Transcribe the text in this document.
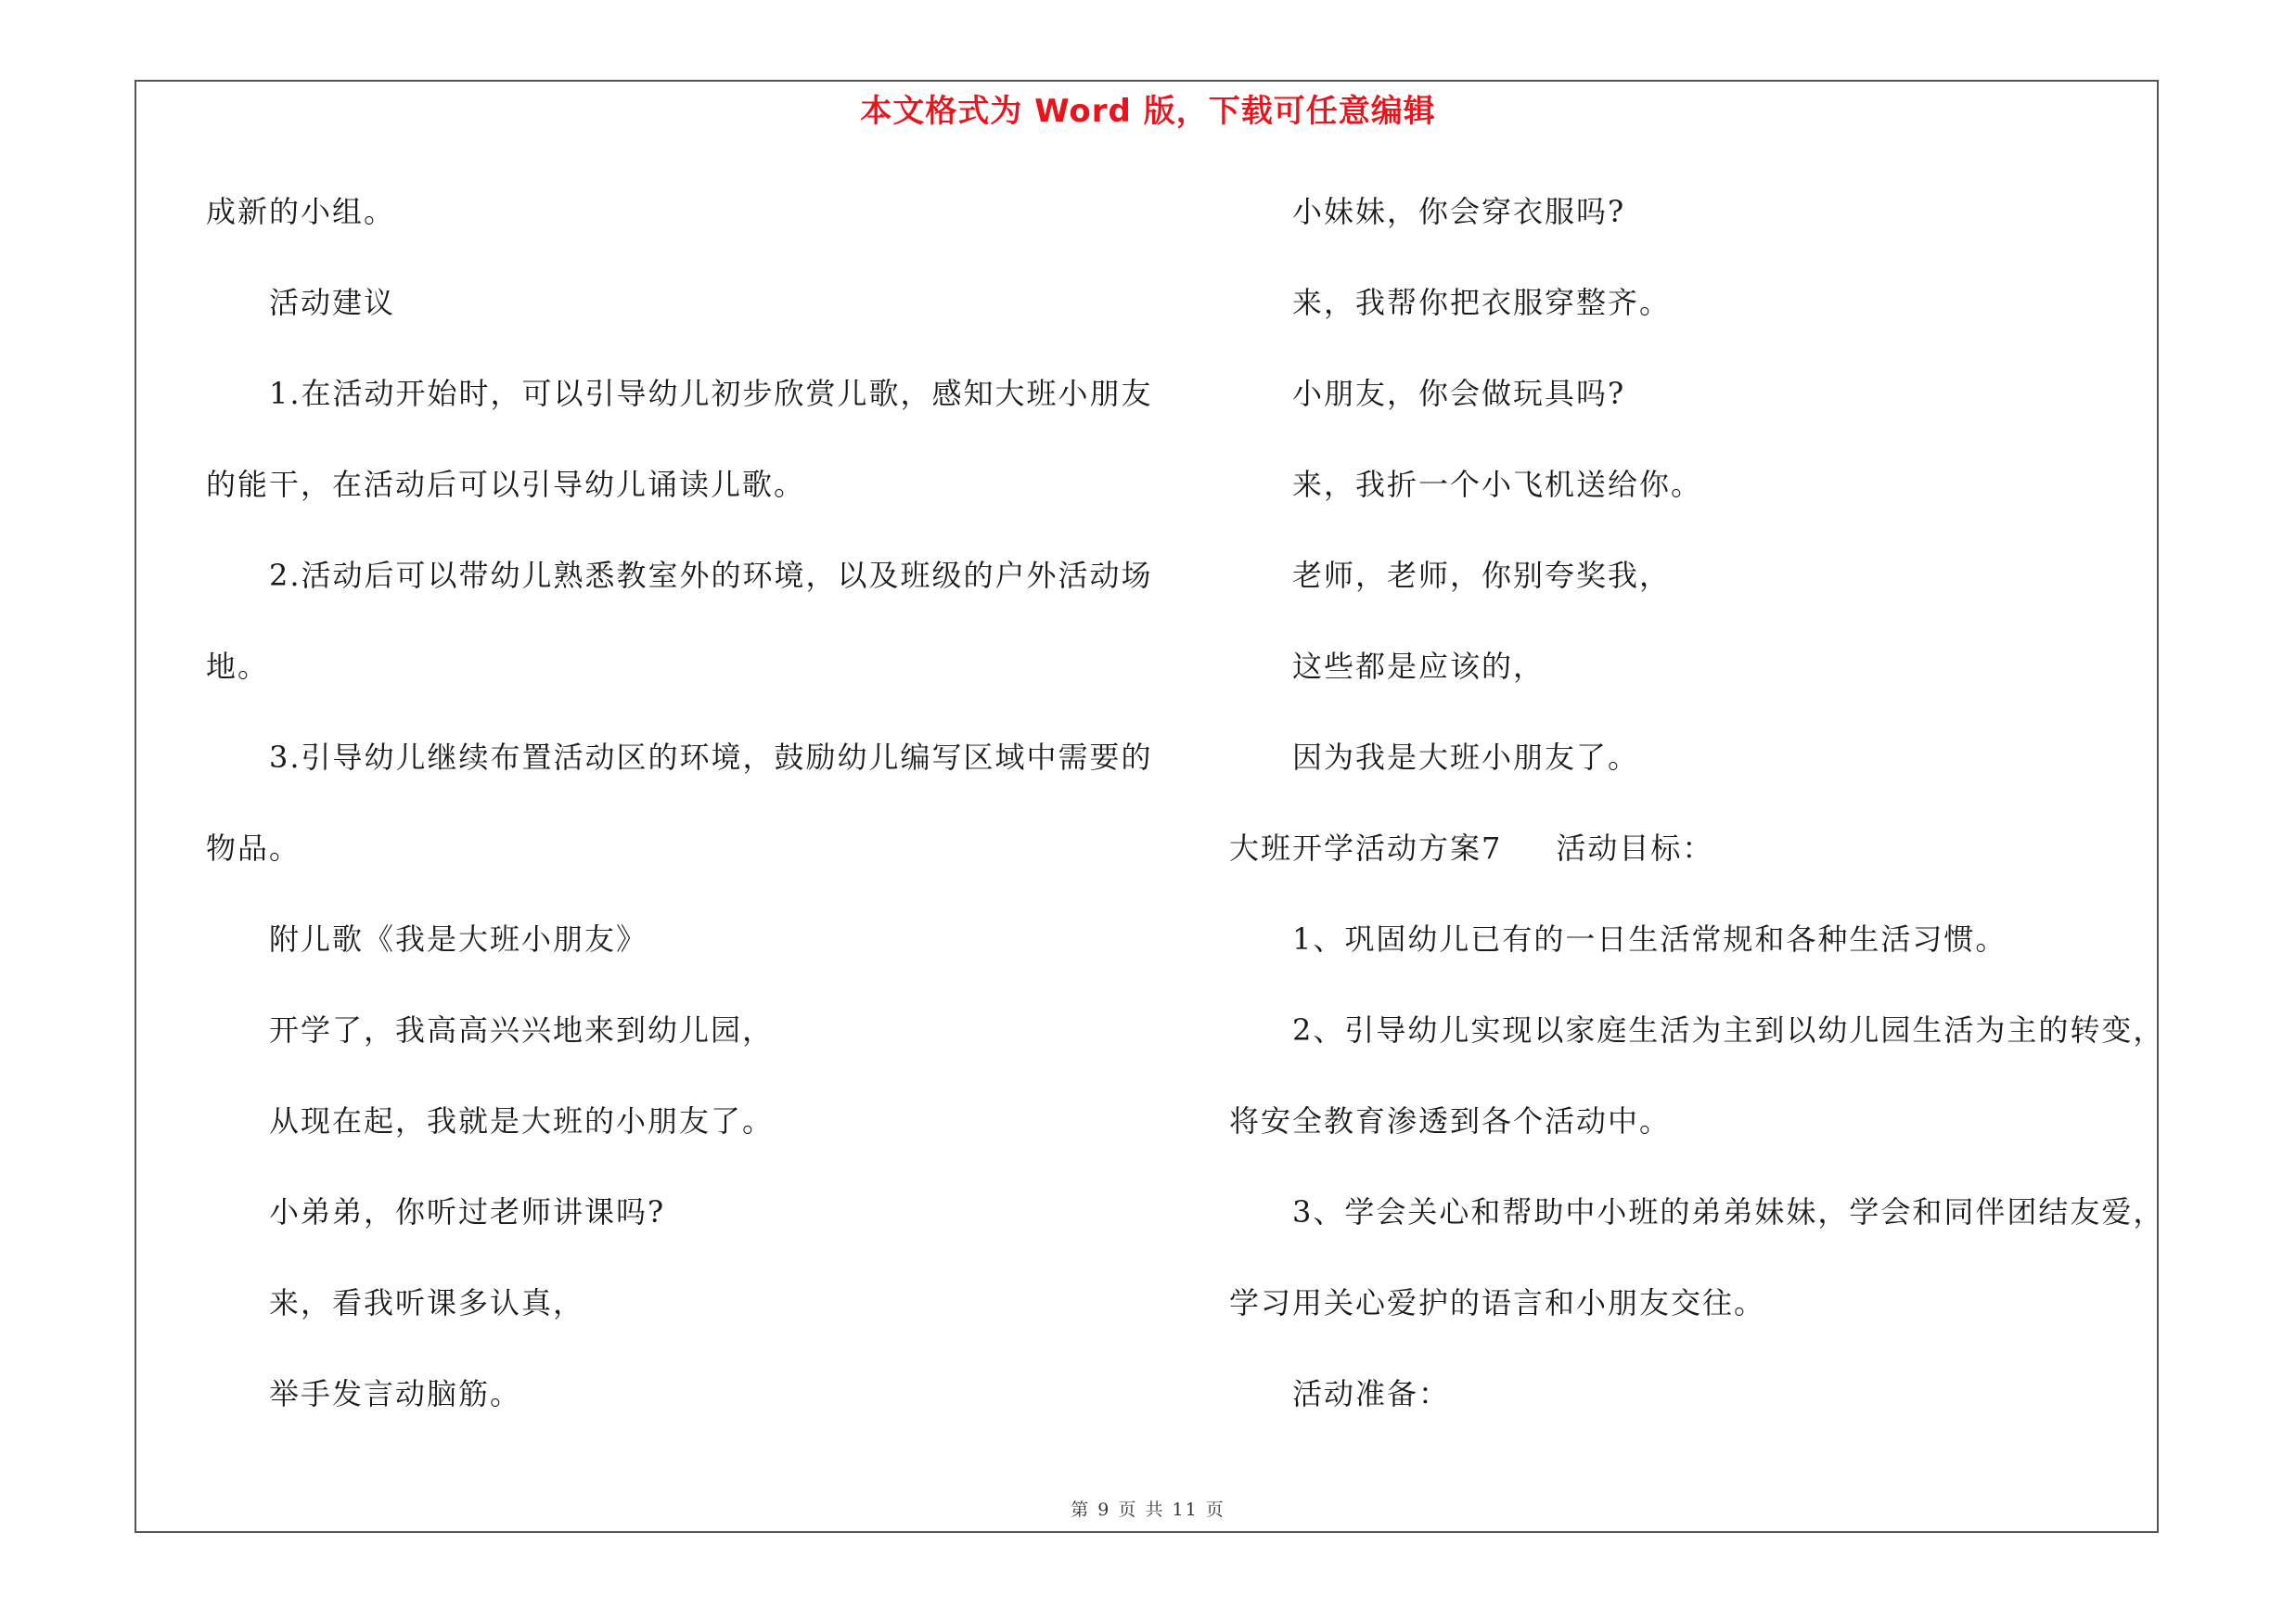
本文格式为 Word 版，下载可任意编辑
成新的小组。
活动建议
1.在活动开始时，可以引导幼儿初步欣赏儿歌，感知大班小朋友
的能干，在活动后可以引导幼儿诵读儿歌。
2.活动后可以带幼儿熟悉教室外的环境，以及班级的户外活动场
地。
3.引导幼儿继续布置活动区的环境，鼓励幼儿编写区域中需要的
物品。
附儿歌《我是大班小朋友》
开学了，我高高兴兴地来到幼儿园，
从现在起，我就是大班的小朋友了。
小弟弟，你听过老师讲课吗?
来，看我听课多认真，
举手发言动脑筋。
小妹妹，你会穿衣服吗?
来，我帮你把衣服穿整齐。
小朋友，你会做玩具吗?
来，我折一个小飞机送给你。
老师，老师，你别夸奖我，
这些都是应该的，
因为我是大班小朋友了。
大班开学活动方案7 活动目标：
1、巩固幼儿已有的一日生活常规和各种生活习惯。
2、引导幼儿实现以家庭生活为主到以幼儿园生活为主的转变，
将安全教育渗透到各个活动中。
3、学会关心和帮助中小班的弟弟妹妹，学会和同伴团结友爱，
学习用关心爱护的语言和小朋友交往。
活动准备：
第 9 页 共 11 页
